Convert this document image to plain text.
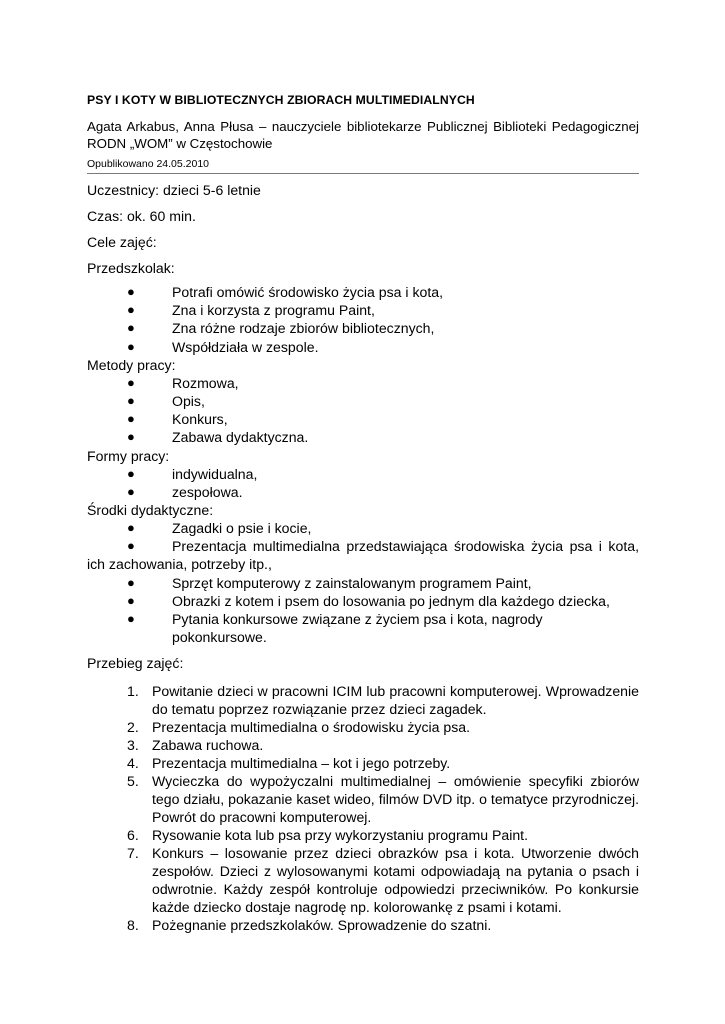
PSY I KOTY W BIBLIOTECZNYCH ZBIORACH MULTIMEDIALNYCH
Agata Arkabus, Anna Płusa – nauczyciele bibliotekarze Publicznej Biblioteki Pedagogicznej RODN „WOM” w Częstochowie
Opublikowano 24.05.2010
Uczestnicy: dzieci 5-6 letnie
Czas: ok. 60 min.
Cele zajęć:
Przedszkolak:
●	Potrafi omówić środowisko życia psa i kota,
●	Zna i korzysta z programu Paint,
●	Zna różne rodzaje zbiorów bibliotecznych,
●	Współdziała w zespole.
Metody pracy:
●	Rozmowa,
●	Opis,
●	Konkurs,
●	Zabawa dydaktyczna.
Formy pracy:
●	indywidualna,
●	zespołowa.
Środki dydaktyczne:
●	Zagadki o psie i kocie,
●	Prezentacja multimedialna przedstawiająca środowiska życia psa i kota, ich zachowania, potrzeby itp.,
●	Sprzęt komputerowy z zainstalowanym programem Paint,
●	Obrazki z kotem i psem do losowania po jednym dla każdego dziecka,
●	Pytania konkursowe związane z życiem psa i kota, nagrody pokonkursowe.
Przebieg zajęć:
1. Powitanie dzieci w pracowni ICIM lub pracowni komputerowej. Wprowadzenie do tematu poprzez rozwiązanie przez dzieci zagadek.
2. Prezentacja multimedialna o środowisku życia psa.
3. Zabawa ruchowa.
4. Prezentacja multimedialna – kot i jego potrzeby.
5. Wycieczka do wypożyczalni multimedialnej – omówienie specyfiki zbiorów tego działu, pokazanie kaset wideo, filmów DVD itp. o tematyce przyrodniczej. Powrót do pracowni komputerowej.
6. Rysowanie kota lub psa przy wykorzystaniu programu Paint.
7. Konkurs – losowanie przez dzieci obrazków psa i kota. Utworzenie dwóch zespołów. Dzieci z wylosowanymi kotami odpowiadają na pytania o psach i odwrotnie. Każdy zespół kontroluje odpowiedzi przeciwników. Po konkursie każde dziecko dostaje nagrodę np. kolorowankę z psami i kotami.
8. Pożegnanie przedszkolaków. Sprowadzenie do szatni.
